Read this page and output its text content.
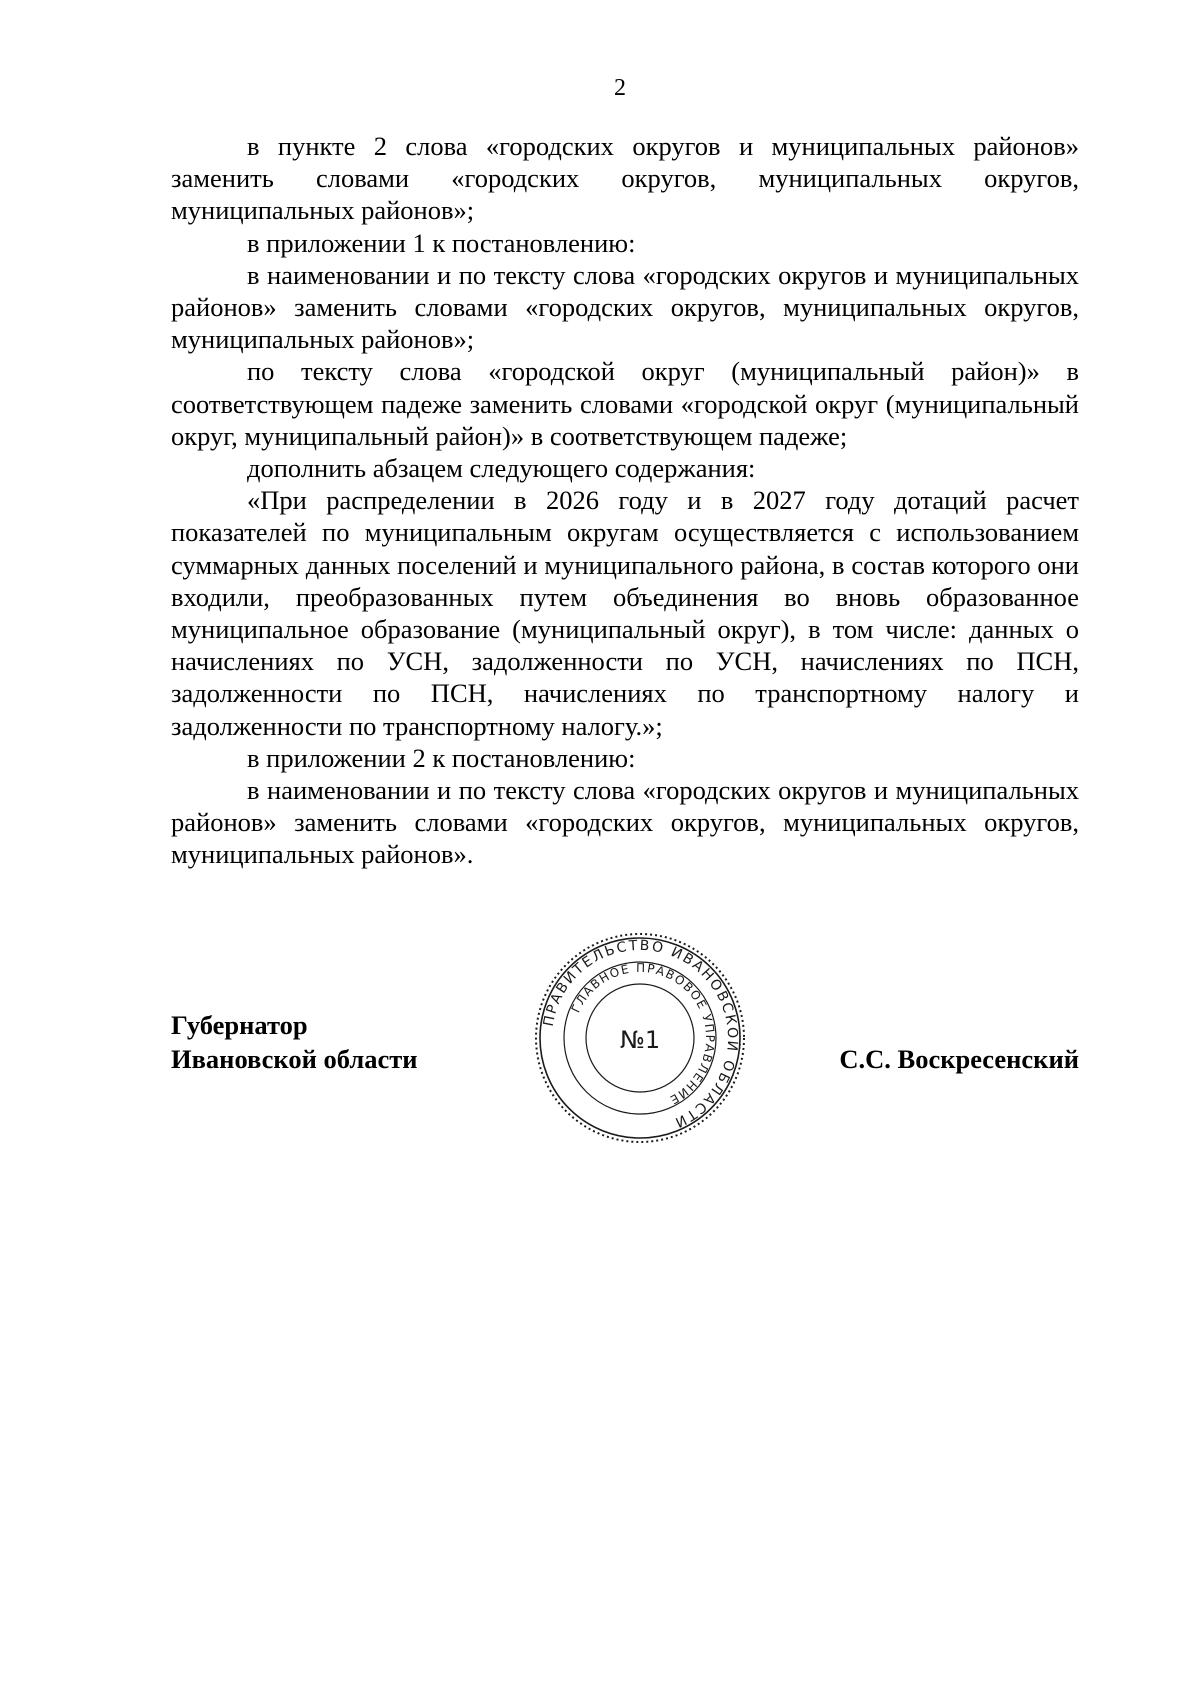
2

в пункте 2 слова «городских округов и муниципальных районов» заменить словами «городских округов, муниципальных округов, муниципальных районов»;

в приложении 1 к постановлению:

в наименовании и по тексту слова «городских округов и муниципальных районов» заменить словами «городских округов, муниципальных округов, муниципальных районов»;

по тексту слова «городской округ (муниципальный район)» в соответствующем падеже заменить словами «городской округ (муниципальный округ, муниципальный район)» в соответствующем падеже;

дополнить абзацем следующего содержания:

«При распределении в 2026 году и в 2027 году дотаций расчет показателей по муниципальным округам осуществляется с использованием суммарных данных поселений и муниципального района, в состав которого они входили, преобразованных путем объединения во вновь образованное муниципальное образование (муниципальный округ), в том числе: данных о начислениях по УСН, задолженности по УСН, начислениях по ПСН, задолженности по ПСН, начислениях по транспортному налогу и задолженности по транспортному налогу.»;

в приложении 2 к постановлению:

в наименовании и по тексту слова «городских округов и муниципальных районов» заменить словами «городских округов, муниципальных округов, муниципальных районов».

Губернатор
Ивановской области
ПРАВИТЕЛЬСТВО ИВАНОВСКОЙ ОБЛАСТИ
ГЛАВНОЕ ПРАВОВОЕ УПРАВЛЕНИЕ
№1
С.С. Воскресенский
